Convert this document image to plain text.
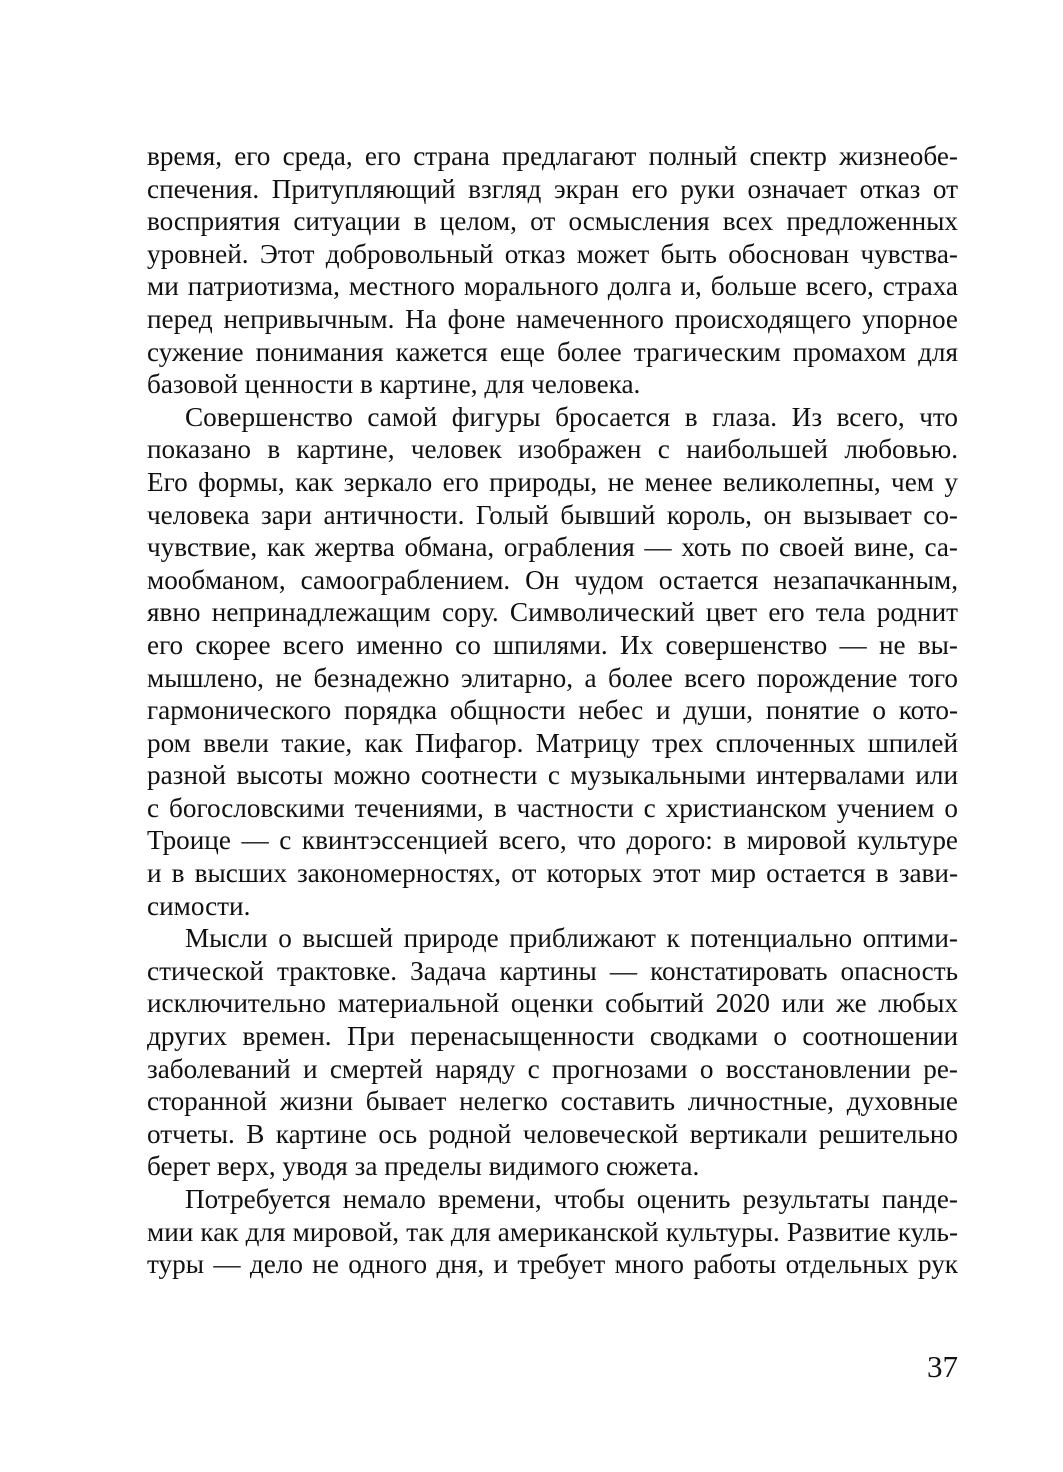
время, его среда, его страна предлагают полный спектр жизнеобе-
спечения. Притупляющий взгляд экран его руки означает отказ от
восприятия ситуации в целом, от осмысления всех предложенных
уровней. Этот добровольный отказ может быть обоснован чувства-
ми патриотизма, местного морального долга и, больше всего, страха
перед непривычным. На фоне намеченного происходящего упорное
сужение понимания кажется еще более трагическим промахом для
базовой ценности в картине, для человека.
Совершенство самой фигуры бросается в глаза. Из всего, что
показано в картине, человек изображен с наибольшей любовью.
Его формы, как зеркало его природы, не менее великолепны, чем у
человека зари античности. Голый бывший король, он вызывает со-
чувствие, как жертва обмана, ограбления — хоть по своей вине, са-
мообманом, самоограблением. Он чудом остается незапачканным,
явно непринадлежащим сору. Символический цвет его тела роднит
его скорее всего именно со шпилями. Их совершенство — не вы-
мышлено, не безнадежно элитарно, а более всего порождение того
гармонического порядка общности небес и души, понятие о кото-
ром ввели такие, как Пифагор. Матрицу трех сплоченных шпилей
разной высоты можно соотнести с музыкальными интервалами или
с богословскими течениями, в частности с христианском учением о
Троице — с квинтэссенцией всего, что дорого: в мировой культуре
и в высших закономерностях, от которых этот мир остается в зави-
симости.
Мысли о высшей природе приближают к потенциально оптими-
стической трактовке. Задача картины — констатировать опасность
исключительно материальной оценки событий 2020 или же любых
других времен. При перенасыщенности сводками о соотношении
заболеваний и смертей наряду с прогнозами о восстановлении ре-
сторанной жизни бывает нелегко составить личностные, духовные
отчеты. В картине ось родной человеческой вертикали решительно
берет верх, уводя за пределы видимого сюжета.
Потребуется немало времени, чтобы оценить результаты панде-
мии как для мировой, так для американской культуры. Развитие куль-
туры — дело не одного дня, и требует много работы отдельных рук
37
